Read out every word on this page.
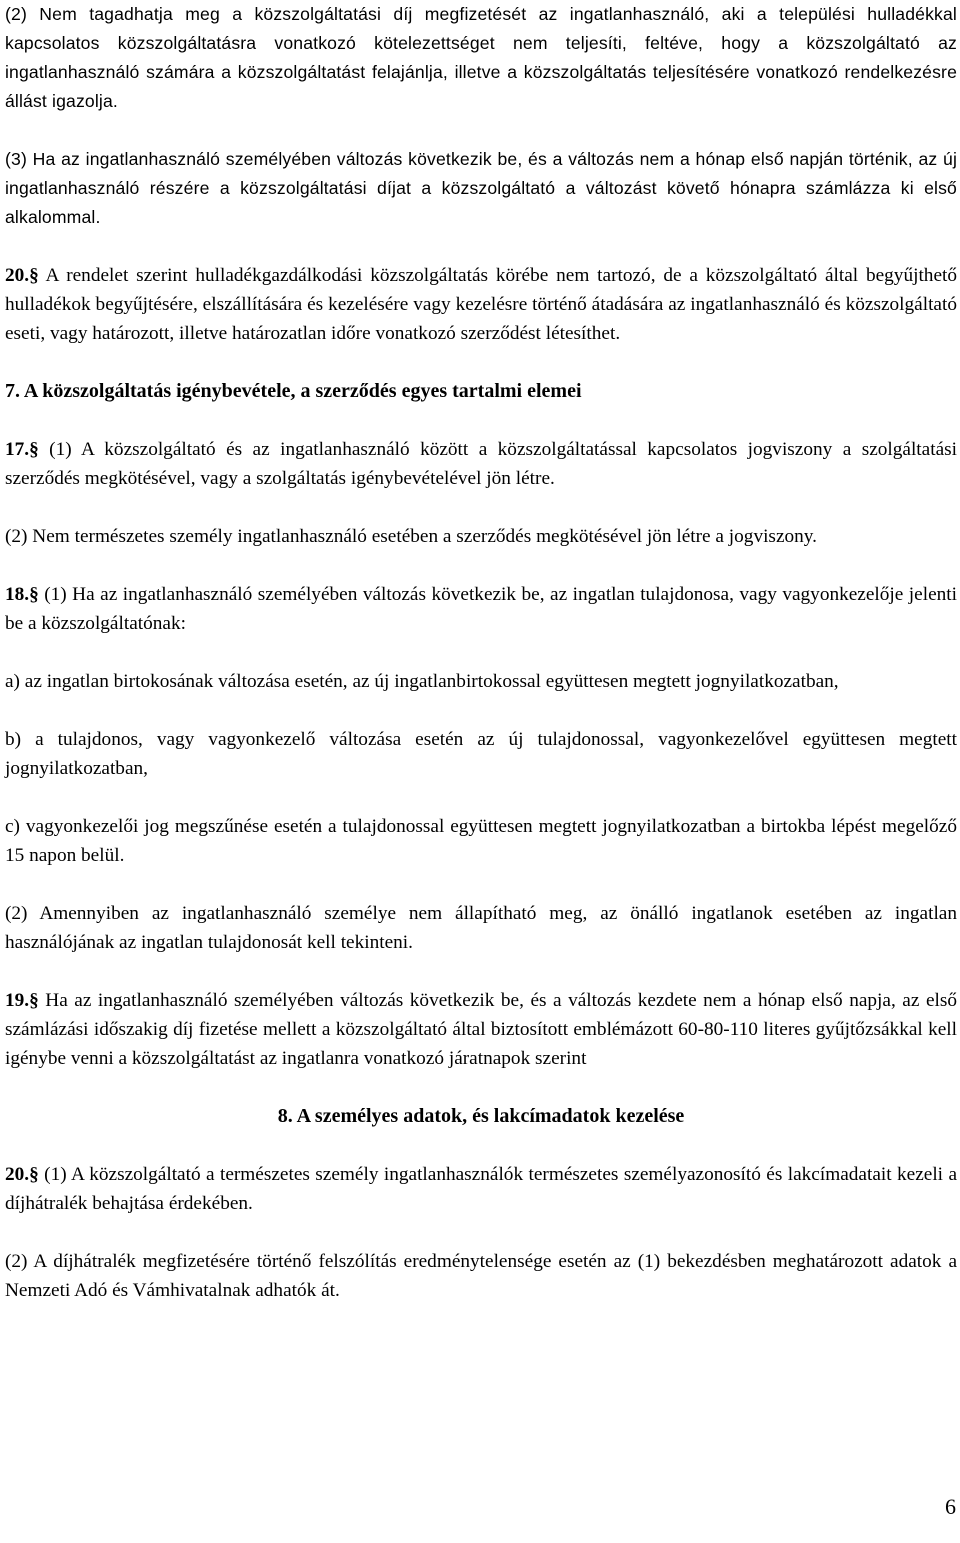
(2) Nem tagadhatja meg a közszolgáltatási díj megfizetését az ingatlanhasználó, aki a települési hulladékkal kapcsolatos közszolgáltatásra vonatkozó kötelezettséget nem teljesíti, feltéve, hogy a közszolgáltató az ingatlanhasználó számára a közszolgáltatást felajánlja, illetve a közszolgáltatás teljesítésére vonatkozó rendelkezésre állást igazolja.

(3) Ha az ingatlanhasználó személyében változás következik be, és a változás nem a hónap első napján történik, az új ingatlanhasználó részére a közszolgáltatási díjat a közszolgáltató a változást követő hónapra számlázza ki első alkalommal.

20.§ A rendelet szerint hulladékgazdálkodási közszolgáltatás körébe nem tartozó, de a közszolgáltató által begyűjthető hulladékok begyűjtésére, elszállítására és kezelésére vagy kezelésre történő átadására az ingatlanhasználó és közszolgáltató eseti, vagy határozott, illetve határozatlan időre vonatkozó szerződést létesíthet.

7. A közszolgáltatás igénybevétele, a szerződés egyes tartalmi elemei

17.§ (1) A közszolgáltató és az ingatlanhasználó között a közszolgáltatással kapcsolatos jogviszony a szolgáltatási szerződés megkötésével, vagy a szolgáltatás igénybevételével jön létre.

(2) Nem természetes személy ingatlanhasználó esetében a szerződés megkötésével jön létre a jogviszony.

18.§ (1) Ha az ingatlanhasználó személyében változás következik be, az ingatlan tulajdonosa, vagy vagyonkezelője jelenti be a közszolgáltatónak:

a) az ingatlan birtokosának változása esetén, az új ingatlanbirtokossal együttesen megtett jognyilatkozatban,

b) a tulajdonos, vagy vagyonkezelő változása esetén az új tulajdonossal, vagyonkezelővel együttesen megtett jognyilatkozatban,

c) vagyonkezelői jog megszűnése esetén a tulajdonossal együttesen megtett jognyilatkozatban a birtokba lépést megelőző 15 napon belül.

(2) Amennyiben az ingatlanhasználó személye nem állapítható meg, az önálló ingatlanok esetében az ingatlan használójának az ingatlan tulajdonosát kell tekinteni.

19.§ Ha az ingatlanhasználó személyében változás következik be, és a változás kezdete nem a hónap első napja, az első számlázási időszakig díj fizetése mellett a közszolgáltató által biztosított emblémázott 60-80-110 literes gyűjtőzsákkal kell igénybe venni a közszolgáltatást az ingatlanra vonatkozó járatnapok szerint

8. A személyes adatok, és lakcímadatok kezelése

20.§ (1) A közszolgáltató a természetes személy ingatlanhasználók természetes személyazonosító és lakcímadatait kezeli a díjhátralék behajtása érdekében.

(2) A díjhátralék megfizetésére történő felszólítás eredménytelensége esetén az (1) bekezdésben meghatározott adatok a Nemzeti Adó és Vámhivatalnak adhatók át.

6
